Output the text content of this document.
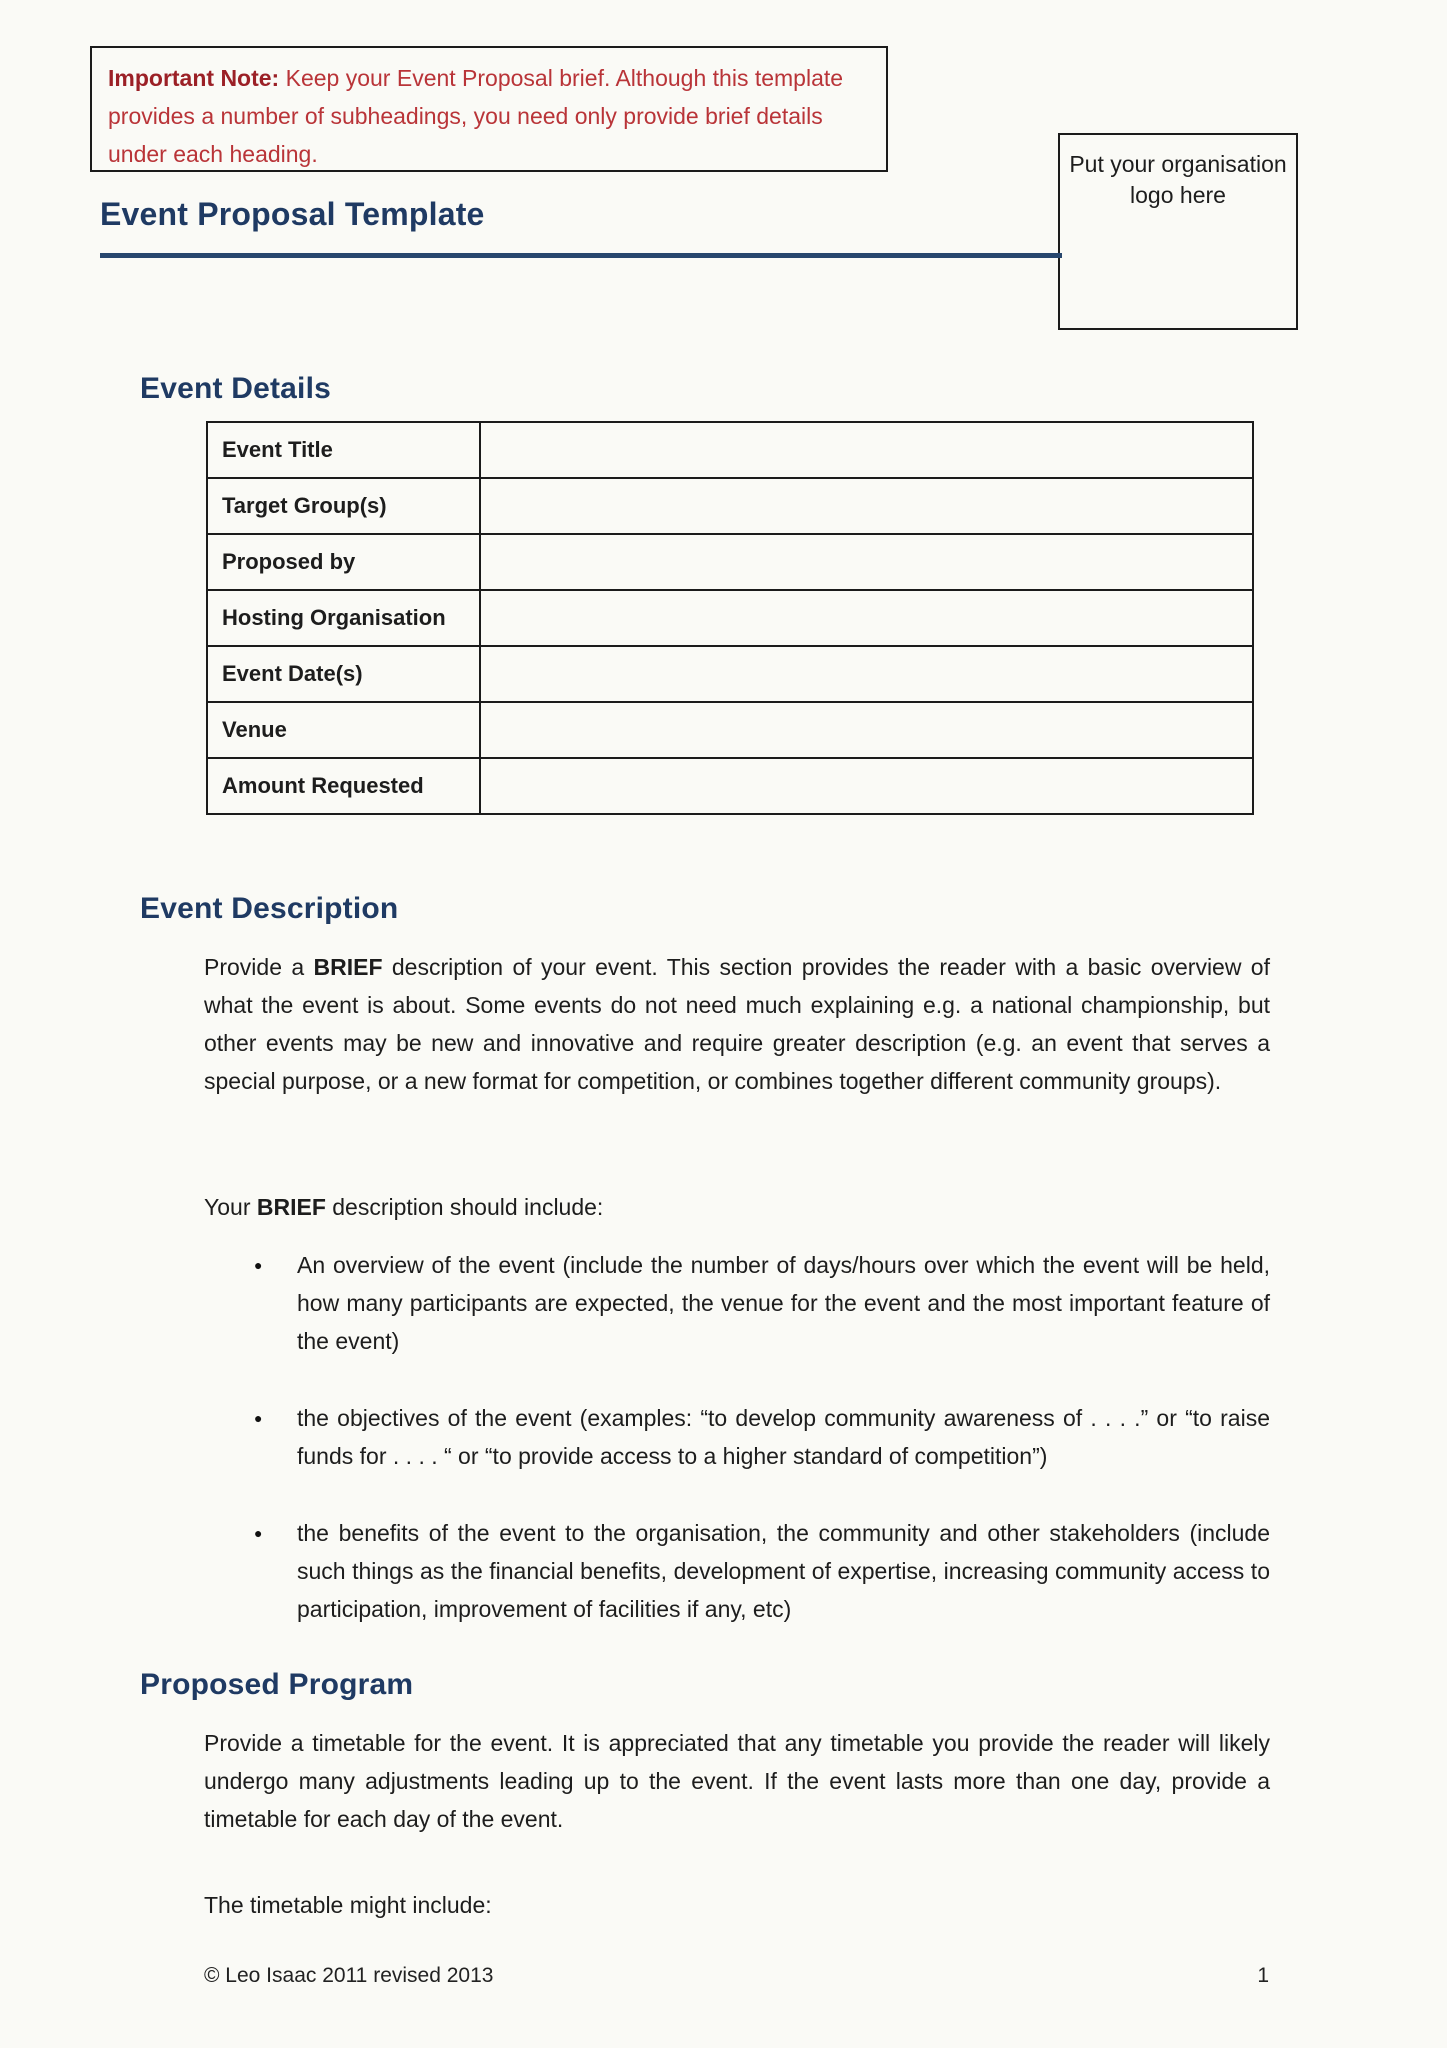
Important Note: Keep your Event Proposal brief. Although this template provides a number of subheadings, you need only provide brief details under each heading.	Put your organisation logo here
Event Proposal Template
Event Details
Event Title	
Target Group(s)	
Proposed by	
Hosting Organisation	
Event Date(s)	
Venue	
Amount Requested	
Event Description

Provide a BRIEF description of your event. This section provides the reader with a basic overview of what the event is about. Some events do not need much explaining e.g. a national championship, but other events may be new and innovative and require greater description (e.g. an event that serves a special purpose, or a new format for competition, or combines together different community groups).

Your BRIEF description should include:

● An overview of the event (include the number of days/hours over which the event will be held, how many participants are expected, the venue for the event and the most important feature of the event)
● the objectives of the event (examples: “to develop community awareness of . . . .” or “to raise funds for . . . . “ or “to provide access to a higher standard of competition”)
● the benefits of the event to the organisation, the community and other stakeholders (include such things as the financial benefits, development of expertise, increasing community access to participation, improvement of facilities if any, etc)
Proposed Program

Provide a timetable for the event. It is appreciated that any timetable you provide the reader will likely undergo many adjustments leading up to the event. If the event lasts more than one day, provide a timetable for each day of the event.

The timetable might include:

© Leo Isaac 2011 revised 2013	1
